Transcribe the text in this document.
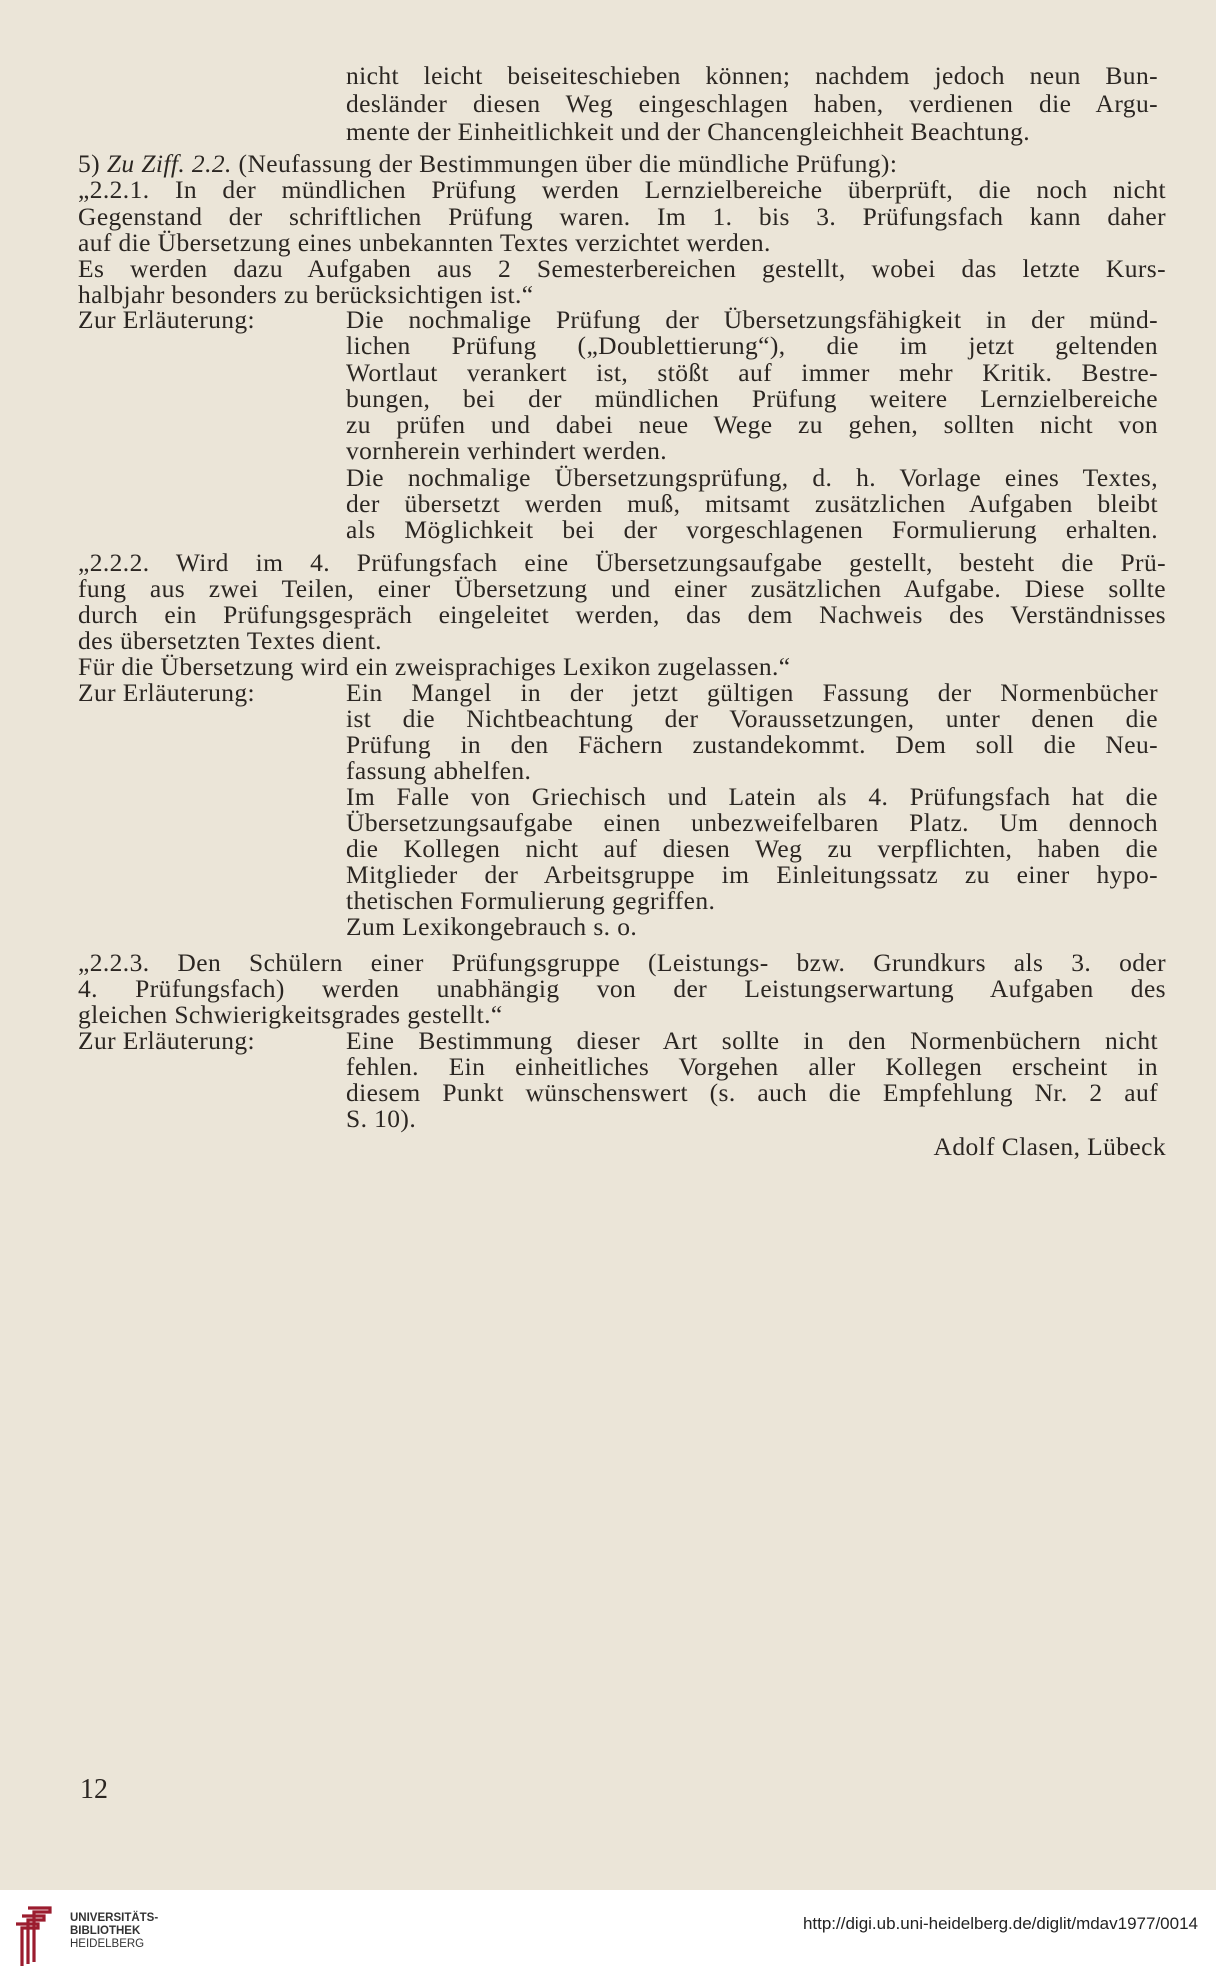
nicht leicht beiseiteschieben können; nachdem jedoch neun Bun-
desländer diesen Weg eingeschlagen haben, verdienen die Argu-
mente der Einheitlichkeit und der Chancengleichheit Beachtung.
5) Zu Ziff. 2.2. (Neufassung der Bestimmungen über die mündliche Prüfung):
„2.2.1. In der mündlichen Prüfung werden Lernzielbereiche überprüft, die noch nicht
Gegenstand der schriftlichen Prüfung waren. Im 1. bis 3. Prüfungsfach kann daher
auf die Übersetzung eines unbekannten Textes verzichtet werden.
Es werden dazu Aufgaben aus 2 Semesterbereichen gestellt, wobei das letzte Kurs-
halbjahr besonders zu berücksichtigen ist.“
Zur Erläuterung:	Die nochmalige Prüfung der Übersetzungsfähigkeit in der münd-
lichen Prüfung („Doublettierung“), die im jetzt geltenden
Wortlaut verankert ist, stößt auf immer mehr Kritik. Bestre-
bungen, bei der mündlichen Prüfung weitere Lernzielbereiche
zu prüfen und dabei neue Wege zu gehen, sollten nicht von
vornherein verhindert werden.
Die nochmalige Übersetzungsprüfung, d. h. Vorlage eines Textes,
der übersetzt werden muß, mitsamt zusätzlichen Aufgaben bleibt
als Möglichkeit bei der vorgeschlagenen Formulierung erhalten.
„2.2.2. Wird im 4. Prüfungsfach eine Übersetzungsaufgabe gestellt, besteht die Prü-
fung aus zwei Teilen, einer Übersetzung und einer zusätzlichen Aufgabe. Diese sollte
durch ein Prüfungsgespräch eingeleitet werden, das dem Nachweis des Verständnisses
des übersetzten Textes dient.
Für die Übersetzung wird ein zweisprachiges Lexikon zugelassen.“
Zur Erläuterung:	Ein Mangel in der jetzt gültigen Fassung der Normenbücher
ist die Nichtbeachtung der Voraussetzungen, unter denen die
Prüfung in den Fächern zustandekommt. Dem soll die Neu-
fassung abhelfen.
Im Falle von Griechisch und Latein als 4. Prüfungsfach hat die
Übersetzungsaufgabe einen unbezweifelbaren Platz. Um dennoch
die Kollegen nicht auf diesen Weg zu verpflichten, haben die
Mitglieder der Arbeitsgruppe im Einleitungssatz zu einer hypo-
thetischen Formulierung gegriffen.
Zum Lexikongebrauch s. o.
„2.2.3. Den Schülern einer Prüfungsgruppe (Leistungs- bzw. Grundkurs als 3. oder
4. Prüfungsfach) werden unabhängig von der Leistungserwartung Aufgaben des
gleichen Schwierigkeitsgrades gestellt.“
Zur Erläuterung:	Eine Bestimmung dieser Art sollte in den Normenbüchern nicht
fehlen. Ein einheitliches Vorgehen aller Kollegen erscheint in
diesem Punkt wünschenswert (s. auch die Empfehlung Nr. 2 auf
S. 10).
Adolf Clasen, Lübeck
12
UNIVERSITÄTS-
BIBLIOTHEK
HEIDELBERG
http://digi.ub.uni-heidelberg.de/diglit/mdav1977/0014
